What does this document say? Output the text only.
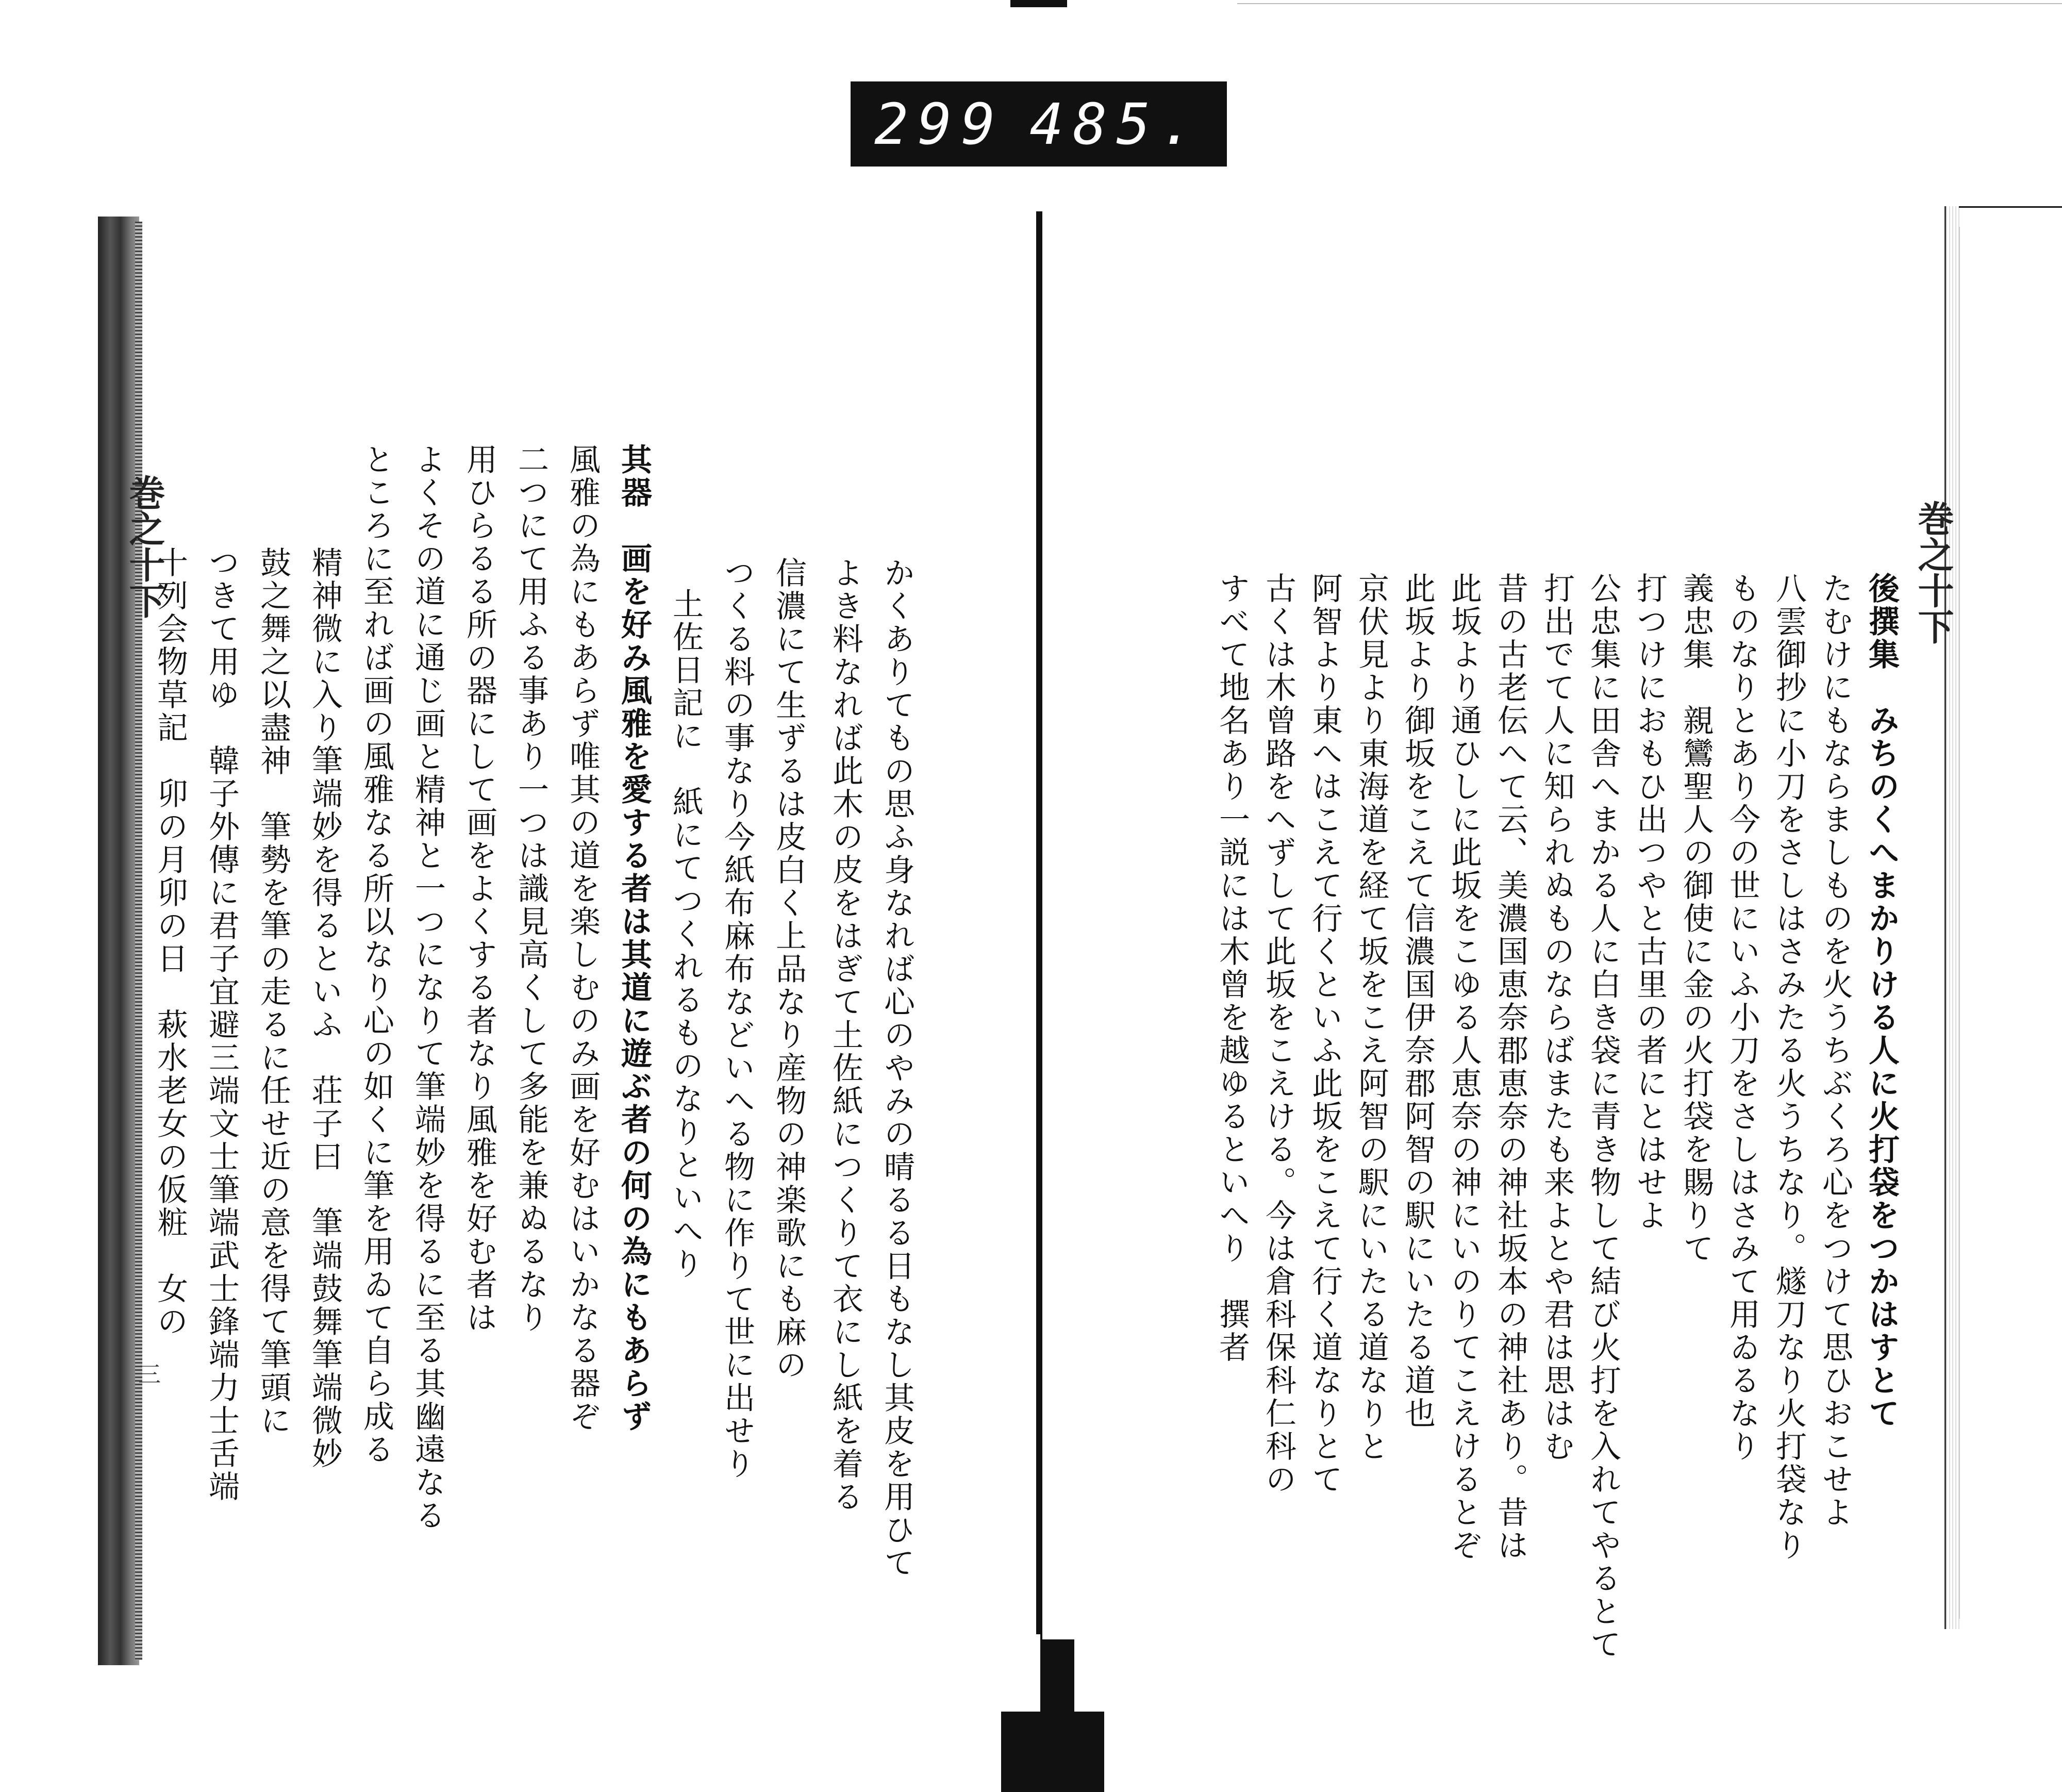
299 485.
巻之十下
三	かくありてもの思ふ身なれば心のやみの晴るる日もなし其皮を用ひて
よき料なれば此木の皮をはぎて土佐紙につくりて衣にし紙を着る
信濃にて生ずるは皮白く上品なり産物の神楽歌にも麻の
つくる料の事なり今紙布麻布などいへる物に作りて世に出せり
土佐日記に　紙にてつくれるものなりといへり
其器　画を好み風雅を愛する者は其道に遊ぶ者の何の為にもあらず
風雅の為にもあらず唯其の道を楽しむのみ画を好むはいかなる器ぞ
二つにて用ふる事あり一つは識見高くして多能を兼ぬるなり
用ひらるる所の器にして画をよくする者なり風雅を好む者は
よくその道に通じ画と精神と一つになりて筆端妙を得るに至る其幽遠なる
ところに至れば画の風雅なる所以なり心の如くに筆を用ゐて自ら成る
精神微に入り筆端妙を得るといふ　荘子曰　筆端鼓舞筆端微妙
鼓之舞之以盡神　筆勢を筆の走るに任せ近の意を得て筆頭に
つきて用ゆ　韓子外傳に君子宜避三端文士筆端武士鋒端力士舌端
十列会物草記　卯の月卯の日　萩水老女の仮粧　女の	巻之十下
後撰集　みちのくへまかりける人に火打袋をつかはすとて
たむけにもならましものを火うちぶくろ心をつけて思ひおこせよ
八雲御抄に小刀をさしはさみたる火うちなり。燧刀なり火打袋なり
ものなりとあり今の世にいふ小刀をさしはさみて用ゐるなり
義忠集　親鸞聖人の御使に金の火打袋を賜りて
打つけにおもひ出つやと古里の者にとはせよ
公忠集に田舎へまかる人に白き袋に青き物して結び火打を入れてやるとて
打出でて人に知られぬものならばまたも来よとや君は思はむ
昔の古老伝へて云、美濃国恵奈郡恵奈の神社坂本の神社あり。昔は
此坂より通ひしに此坂をこゆる人恵奈の神にいのりてこえけるとぞ
此坂より御坂をこえて信濃国伊奈郡阿智の駅にいたる道也
京伏見より東海道を経て坂をこえ阿智の駅にいたる道なりと
阿智より東へはこえて行くといふ此坂をこえて行く道なりとて
古くは木曾路をへずして此坂をこえける。今は倉科保科仁科の
すべて地名あり一説には木曾を越ゆるといへり　撰者
